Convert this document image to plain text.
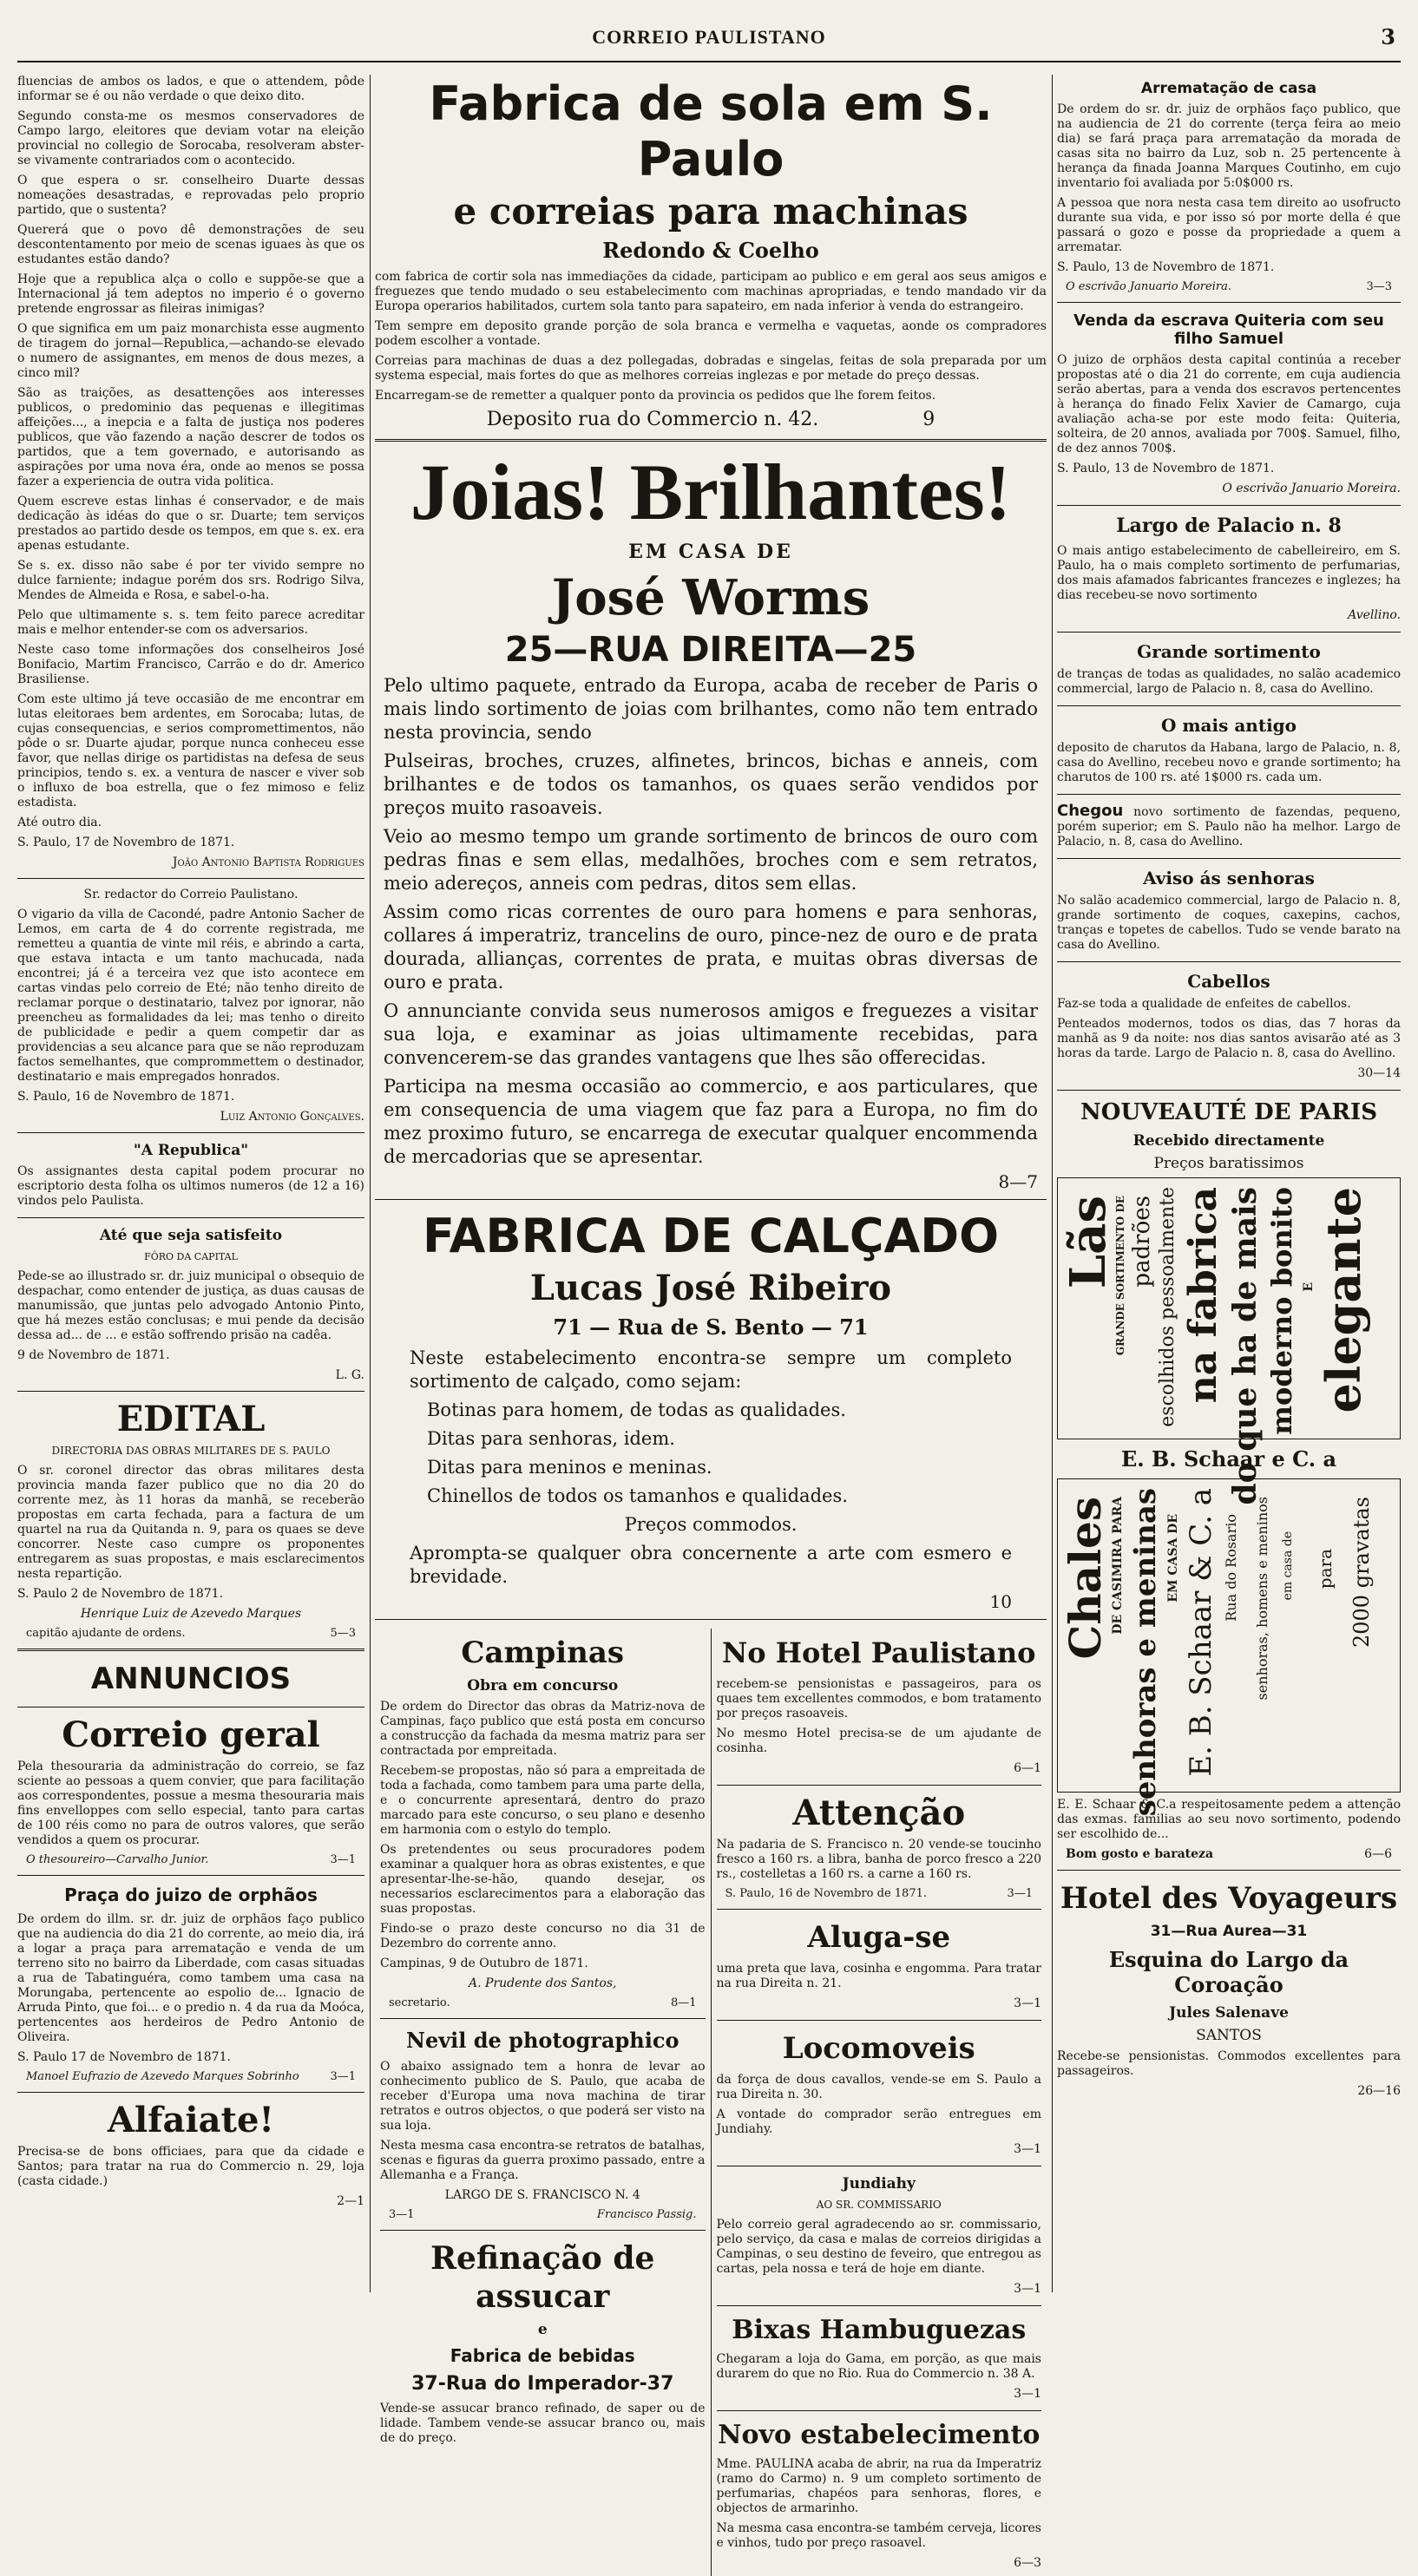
CORREIO PAULISTANO	3

fluencias de ambos os lados, e que o attendem, pôde informar se é ou não verdade o que deixo dito.

Segundo consta-me os mesmos conservadores de Campo largo, eleitores que deviam votar na eleição provincial no collegio de Sorocaba, resolveram abster-se vivamente contrariados com o acontecido.

O que espera o sr. conselheiro Duarte dessas nomeações desastradas, e reprovadas pelo proprio partido, que o sustenta?

Quererá que o povo dê demonstrações de seu descontentamento por meio de scenas iguaes às que os estudantes estão dando?

Hoje que a republica alça o collo e suppõe-se que a Internacional já tem adeptos no imperio é o governo pretende engrossar as fileiras inimigas?

O que significa em um paiz monarchista esse augmento de tiragem do jornal—Republica,—achando-se elevado o numero de assignantes, em menos de dous mezes, a cinco mil?

São as traições, as desattenções aos interesses publicos, o predominio das pequenas e illegitimas affeições..., a inepcia e a falta de justiça nos poderes publicos, que vão fazendo a nação descrer de todos os partidos, que a tem governado, e autorisando as aspirações por uma nova éra, onde ao menos se possa fazer a experiencia de outra vida politica.

Quem escreve estas linhas é conservador, e de mais dedicação às idéas do que o sr. Duarte; tem serviços prestados ao partido desde os tempos, em que s. ex. era apenas estudante.

Se s. ex. disso não sabe é por ter vivido sempre no dulce farniente; indague porém dos srs. Rodrigo Silva, Mendes de Almeida e Rosa, e sabel-o-ha.

Pelo que ultimamente s. s. tem feito parece acreditar mais e melhor entender-se com os adversarios.

Neste caso tome informações dos conselheiros José Bonifacio, Martim Francisco, Carrão e do dr. Americo Brasiliense.

Com este ultimo já teve occasião de me encontrar em lutas eleitoraes bem ardentes, em Sorocaba; lutas, de cujas consequencias, e serios compromettimentos, não pôde o sr. Duarte ajudar, porque nunca conheceu esse favor, que nellas dirige os partidistas na defesa de seus principios, tendo s. ex. a ventura de nascer e viver sob o influxo de boa estrella, que o fez mimoso e feliz estadista.

Até outro dia.

S. Paulo, 17 de Novembro de 1871.

João Antonio Baptista Rodrigues

Sr. redactor do Correio Paulistano.

O vigario da villa de Cacondé, padre Antonio Sacher de Lemos, em carta de 4 do corrente registrada, me remetteu a quantia de vinte mil réis, e abrindo a carta, que estava intacta e um tanto machucada, nada encontrei; já é a terceira vez que isto acontece em cartas vindas pelo correio de Eté; não tenho direito de reclamar porque o destinatario, talvez por ignorar, não preencheu as formalidades da lei; mas tenho o direito de publicidade e pedir a quem competir dar as providencias a seu alcance para que se não reproduzam factos semelhantes, que comprommettem o destinador, destinatario e mais empregados honrados.

S. Paulo, 16 de Novembro de 1871.

Luiz Antonio Gonçalves.
"A Republica"

Os assignantes desta capital podem procurar no escriptorio desta folha os ultimos numeros (de 12 a 16) vindos pelo Paulista.

Até que seja satisfeito

FÔRO DA CAPITAL

Pede-se ao illustrado sr. dr. juiz municipal o obsequio de despachar, como entender de justiça, as duas causas de manumissão, que juntas pelo advogado Antonio Pinto, que há mezes estão conclusas; e mui pende da decisão dessa ad... de ... e estão soffrendo prisão na cadêa.

9 de Novembro de 1871.

L. G.
EDITAL

DIRECTORIA DAS OBRAS MILITARES DE S. PAULO

O sr. coronel director das obras militares desta provincia manda fazer publico que no dia 20 do corrente mez, às 11 horas da manhã, se receberão propostas em carta fechada, para a factura de um quartel na rua da Quitanda n. 9, para os quaes se deve concorrer. Neste caso cumpre os proponentes entregarem as suas propostas, e mais esclarecimentos nesta repartição.

S. Paulo 2 de Novembro de 1871.

Henrique Luiz de Azevedo Marques

capitão ajudante de ordens.	5—3
ANNUNCIOS
Correio geral

Pela thesouraria da administração do correio, se faz sciente ao pessoas a quem convier, que para facilitação aos correspondentes, possue a mesma thesouraria mais fins envelloppes com sello especial, tanto para cartas de 100 réis como no para de outros valores, que serão vendidos a quem os procurar.

O thesoureiro—Carvalho Junior.	3—1
Praça do juizo de orphãos

De ordem do illm. sr. dr. juiz de orphãos faço publico que na audiencia do dia 21 do corrente, ao meio dia, irá a logar a praça para arrematação e venda de um terreno sito no bairro da Liberdade, com casas situadas a rua de Tabatinguéra, como tambem uma casa na Morungaba, pertencente ao espolio de... Ignacio de Arruda Pinto, que foi... e o predio n. 4 da rua da Moóca, pertencentes aos herdeiros de Pedro Antonio de Oliveira.

S. Paulo 17 de Novembro de 1871.

Manoel Eufrazio de Azevedo Marques Sobrinho	3—1
Alfaiate!

Precisa-se de bons officiaes, para que da cidade e Santos; para tratar na rua do Commercio n. 29, loja (casta cidade.)

2—1

Fabrica de sola em S. Paulo
e correias para machinas
Redondo & Coelho

com fabrica de cortir sola nas immediações da cidade, participam ao publico e em geral aos seus amigos e freguezes que tendo mudado o seu estabelecimento com machinas apropriadas, e tendo mandado vir da Europa operarios habilitados, curtem sola tanto para sapateiro, em nada inferior à venda do estrangeiro.

Tem sempre em deposito grande porção de sola branca e vermelha e vaquetas, aonde os compradores podem escolher a vontade.

Correias para machinas de duas a dez pollegadas, dobradas e singelas, feitas de sola preparada por um systema especial, mais fortes do que as melhores correias inglezas e por metade do preço dessas.

Encarregam-se de remetter a qualquer ponto da provincia os pedidos que lhe forem feitos.

Deposito rua do Commercio n. 42.	9
Joias! Brilhantes!
EM CASA DE
José Worms
25—RUA DIREITA—25

Pelo ultimo paquete, entrado da Europa, acaba de receber de Paris o mais lindo sortimento de joias com brilhantes, como não tem entrado nesta provincia, sendo

Pulseiras, broches, cruzes, alfinetes, brincos, bichas e anneis, com brilhantes e de todos os tamanhos, os quaes serão vendidos por preços muito rasoaveis.

Veio ao mesmo tempo um grande sortimento de brincos de ouro com pedras finas e sem ellas, medalhões, broches com e sem retratos, meio adereços, anneis com pedras, ditos sem ellas.

Assim como ricas correntes de ouro para homens e para senhoras, collares á imperatriz, trancelins de ouro, pince-nez de ouro e de prata dourada, allianças, correntes de prata, e muitas obras diversas de ouro e prata.

O annunciante convida seus numerosos amigos e freguezes a visitar sua loja, e examinar as joias ultimamente recebidas, para convencerem-se das grandes vantagens que lhes são offerecidas.

Participa na mesma occasião ao commercio, e aos particulares, que em consequencia de uma viagem que faz para a Europa, no fim do mez proximo futuro, se encarrega de executar qualquer encommenda de mercadorias que se apresentar.

8—7

FABRICA DE CALÇADO
Lucas José Ribeiro
71 — Rua de S. Bento — 71

Neste estabelecimento encontra-se sempre um completo sortimento de calçado, como sejam:

Botinas para homem, de todas as qualidades.

Ditas para senhoras, idem.

Ditas para meninos e meninas.

Chinellos de todos os tamanhos e qualidades.

Preços commodos.

Apromptа-se qualquer obra concernente a arte com esmero e brevidade.

10

Campinas
Obra em concurso

De ordem do Director das obras da Matriz-nova de Campinas, faço publico que está posta em concurso a construcção da fachada da mesma matriz para ser contractada por empreitada.

Recebem-se propostas, não só para a empreitada de toda a fachada, como tambem para uma parte della, e o concurrente apresentará, dentro do prazo marcado para este concurso, o seu plano e desenho em harmonia com o estylo do templo.

Os pretendentes ou seus procuradores podem examinar a qualquer hora as obras existentes, e que apresentar-lhe-se-hão, quando desejar, os necessarios esclarecimentos para a elaboração das suas propostas.

Findo-se o prazo deste concurso no dia 31 de Dezembro do corrente anno.

Campinas, 9 de Outubro de 1871.

A. Prudente dos Santos,

secretario.	8—1
Nevil de photographico

O abaixo assignado tem a honra de levar ao conhecimento publico de S. Paulo, que acaba de receber d'Europa uma nova machina de tirar retratos e outros objectos, o que poderá ser visto na sua loja.

Nesta mesma casa encontra-se retratos de batalhas, scenas e figuras da guerra proximo passado, entre a Allemanha e a França.

LARGO DE S. FRANCISCO N. 4

3—1	Francisco Passig.
Refinação de assucar
e
Fabrica de bebidas
37-Rua do Imperador-37

Vende-se assucar branco refinado, de saper ou de lidade. Tambem vende-se assucar branco ou, mais de do preço.

No Hotel Paulistano

recebem-se pensionistas e passageiros, para os quaes tem excellentes commodos, e bom tratamento por preços rasoaveis.

No mesmo Hotel precisa-se de um ajudante de cosinha.

6—1

Attenção

Na padaria de S. Francisco n. 20 vende-se toucinho fresco a 160 rs. a libra, banha de porco fresco a 220 rs., costelletas a 160 rs. a carne a 160 rs.

S. Paulo, 16 de Novembro de 1871.	3—1
Aluga-se

uma preta que lava, cosinha e engomma. Para tratar na rua Direita n. 21.

3—1

Locomoveis

da força de dous cavallos, vende-se em S. Paulo a rua Direita n. 30.

A vontade do comprador serão entregues em Jundiahy.

3—1

Jundiahy

AO SR. COMMISSARIO

Pelo correio geral agradecendo ao sr. commissario, pelo serviço, da casa e malas de correios dirigidas a Campinas, o seu destino de feveiro, que entregou as cartas, pela nossa e terá de hoje em diante.

3—1

Bixas Hambuguezas

Chegaram a loja do Gama, em porção, as que mais durarem do que no Rio. Rua do Commercio n. 38 A.

3—1

Novo estabelecimento

Mme. PAULINA acaba de abrir, na rua da Imperatriz (ramo do Carmo) n. 9 um completo sortimento de perfumarias, chapéos para senhoras, flores, e objectos de armarinho.

Na mesma casa encontra-se também cerveja, licores e vinhos, tudo por preço rasoavel.

6—3

Arrematação de casa

De ordem do sr. dr. juiz de orphãos faço publico, que na audiencia de 21 do corrente (terça feira ao meio dia) se fará praça para arrematação da morada de casas sita no bairro da Luz, sob n. 25 pertencente à herança da finada Joanna Marques Coutinho, em cujo inventario foi avaliada por 5:0$000 rs.

A pessoa que nora nesta casa tem direito ao usofructo durante sua vida, e por isso só por morte della é que passará o gozo e posse da propriedade a quem a arrematar.

S. Paulo, 13 de Novembro de 1871.

O escrivão Januario Moreira.	3—3
Venda da escrava Quiteria com seu filho Samuel

O juizo de orphãos desta capital continúa a receber propostas até o dia 21 do corrente, em cuja audiencia serão abertas, para a venda dos escravos pertencentes à herança do finado Felix Xavier de Camargo, cuja avaliação acha-se por este modo feita: Quiteria, solteira, de 20 annos, avaliada por 700$. Samuel, filho, de dez annos 700$.

S. Paulo, 13 de Novembro de 1871.

O escrivão Januario Moreira.

Largo de Palacio n. 8

O mais antigo estabelecimento de cabelleireiro, em S. Paulo, ha o mais completo sortimento de perfumarias, dos mais afamados fabricantes francezes e inglezes; ha dias recebeu-se novo sortimento

Avellino.

Grande sortimento

de tranças de todas as qualidades, no salão academico commercial, largo de Palacio n. 8, casa do Avellino.

O mais antigo

deposito de charutos da Habana, largo de Palacio, n. 8, casa do Avellino, recebeu novo e grande sortimento; ha charutos de 100 rs. até 1$000 rs. cada um.

Chegou novo sortimento de fazendas, pequeno, porém superior; em S. Paulo não ha melhor. Largo de Palacio, n. 8, casa do Avellino.

Aviso ás senhoras

No salão academico commercial, largo de Palacio n. 8, grande sortimento de coques, caxepins, cachos, tranças e topetes de cabellos. Tudo se vende barato na casa do Avellino.

Cabellos

Faz-se toda a qualidade de enfeites de cabellos.

Penteados modernos, todos os dias, das 7 horas da manhã as 9 da noite: nos dias santos avisarão até as 3 horas da tarde. Largo de Palacio n. 8, casa do Avellino.

30—14

NOUVEAUTÉ DE PARIS
Recebido directamente
Preços baratissimos
Lãs
GRANDE SORTIMENTO DE padrões escolhidos pessoalmente na fabrica do que ha de mais moderno bonito E elegante
E. B. Schaar e C. a
Chales DE CASIMIRA PARA senhoras e meninas EM CASA DE E. B. Schaar & C. a Rua do Rosario senhoras, homens e meninos em casa de para 2000 gravatas

E. E. Schaar & C.a respeitosamente pedem a attenção das exmas. familias ao seu novo sortimento, podendo ser escolhido de...

Bom gosto e barateza	6—6
Hotel des Voyageurs
31—Rua Aurea—31
Esquina do Largo da Coroação
Jules Salenave
SANTOS

Recebe-se pensionistas. Commodos excellentes para passageiros.

26—16
